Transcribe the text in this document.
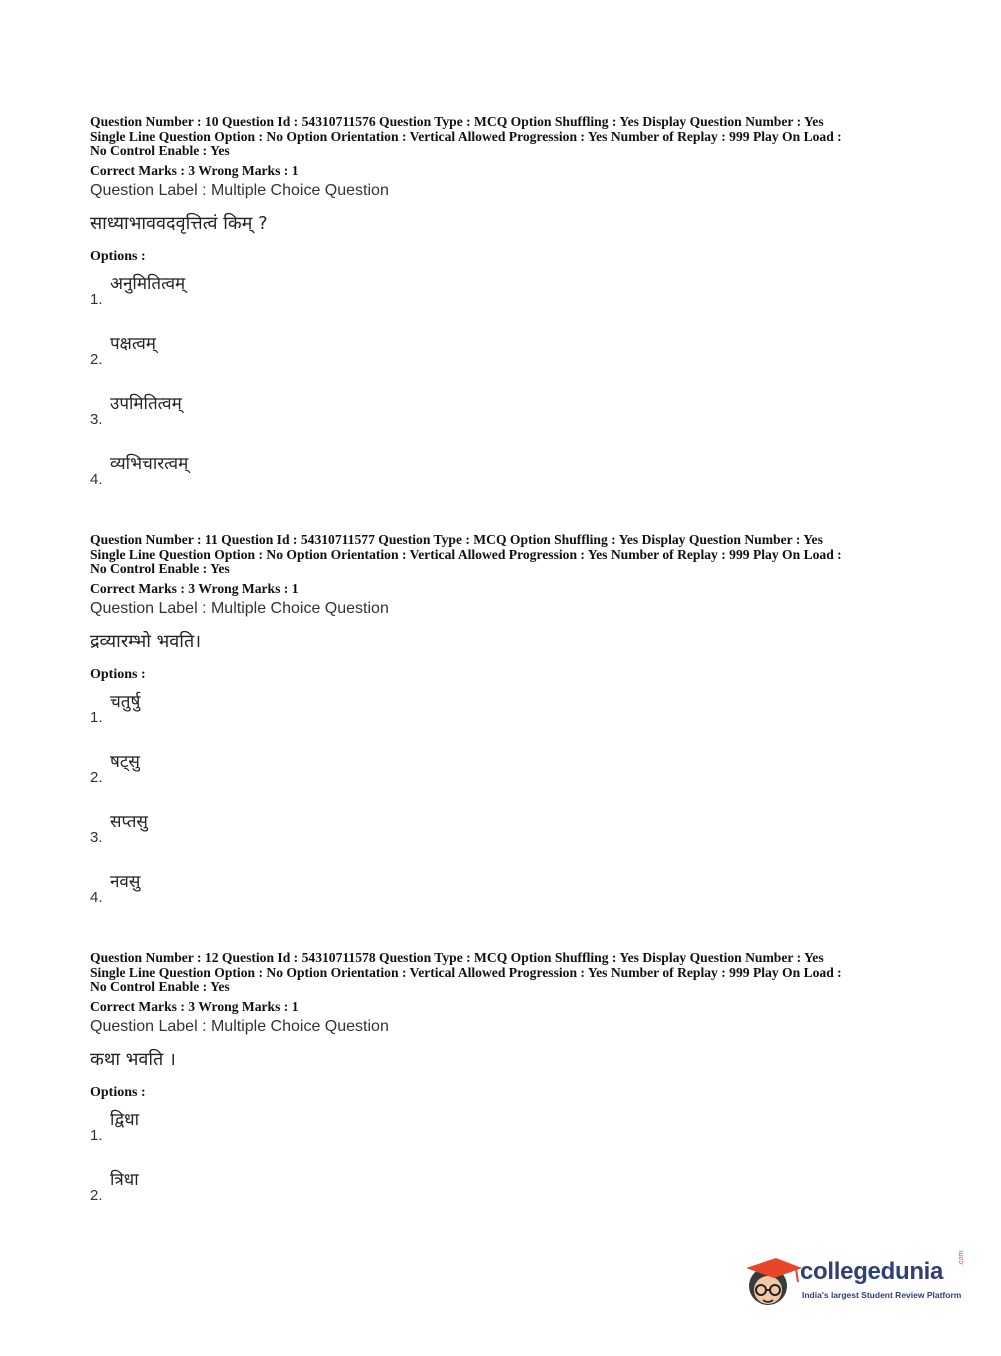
Question Number : 10 Question Id : 54310711576 Question Type : MCQ Option Shuffling : Yes Display Question Number : Yes
Single Line Question Option : No Option Orientation : Vertical Allowed Progression : Yes Number of Replay : 999 Play On Load :
No Control Enable : Yes
Correct Marks : 3 Wrong Marks : 1
Question Label : Multiple Choice Question
साध्याभाववदवृत्तित्वं किम् ?
Options :
1.
अनुमितित्वम्
2.
पक्षत्वम्
3.
उपमितित्वम्
4.
व्यभिचारत्वम्
Question Number : 11 Question Id : 54310711577 Question Type : MCQ Option Shuffling : Yes Display Question Number : Yes
Single Line Question Option : No Option Orientation : Vertical Allowed Progression : Yes Number of Replay : 999 Play On Load :
No Control Enable : Yes
Correct Marks : 3 Wrong Marks : 1
Question Label : Multiple Choice Question
द्रव्यारम्भो भवति।
Options :
1.
चतुर्षु
2.
षट्सु
3.
सप्तसु
4.
नवसु
Question Number : 12 Question Id : 54310711578 Question Type : MCQ Option Shuffling : Yes Display Question Number : Yes
Single Line Question Option : No Option Orientation : Vertical Allowed Progression : Yes Number of Replay : 999 Play On Load :
No Control Enable : Yes
Correct Marks : 3 Wrong Marks : 1
Question Label : Multiple Choice Question
कथा भवति ।
Options :
1.
द्विधा
2.
त्रिधा
collegedunia .com
India's largest Student Review Platform
